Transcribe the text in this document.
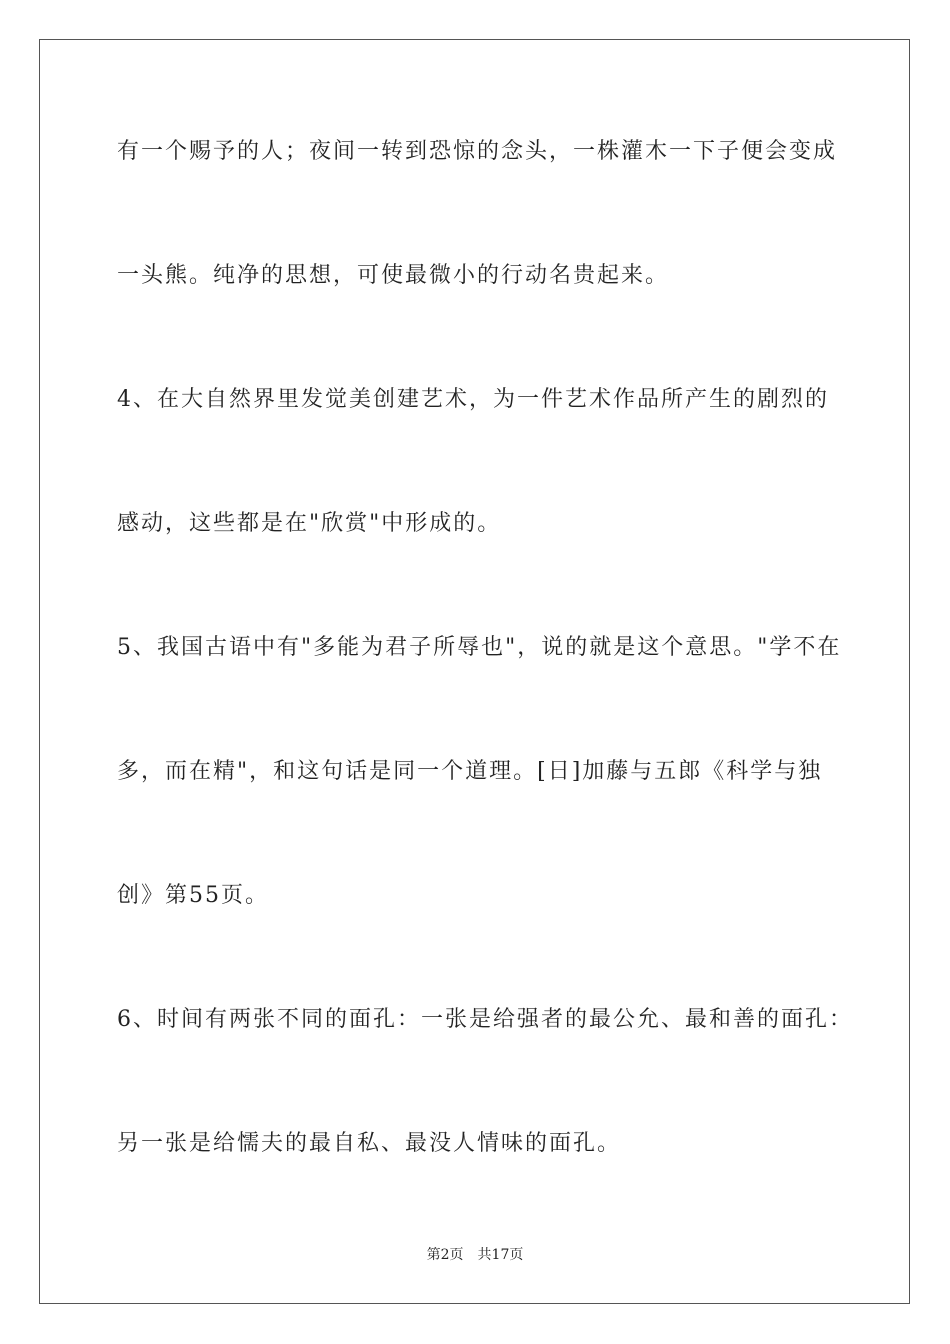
有一个赐予的人；夜间一转到恐惊的念头，一株灌木一下子便会变成
一头熊。纯净的思想，可使最微小的行动名贵起来。
4、在大自然界里发觉美创建艺术，为一件艺术作品所产生的剧烈的
感动，这些都是在"欣赏"中形成的。
5、我国古语中有"多能为君子所辱也"，说的就是这个意思。"学不在
多，而在精"，和这句话是同一个道理。[日]加藤与五郎《科学与独
创》第55页。
6、时间有两张不同的面孔：一张是给强者的最公允、最和善的面孔：
另一张是给懦夫的最自私、最没人情味的面孔。
第2页 共17页
